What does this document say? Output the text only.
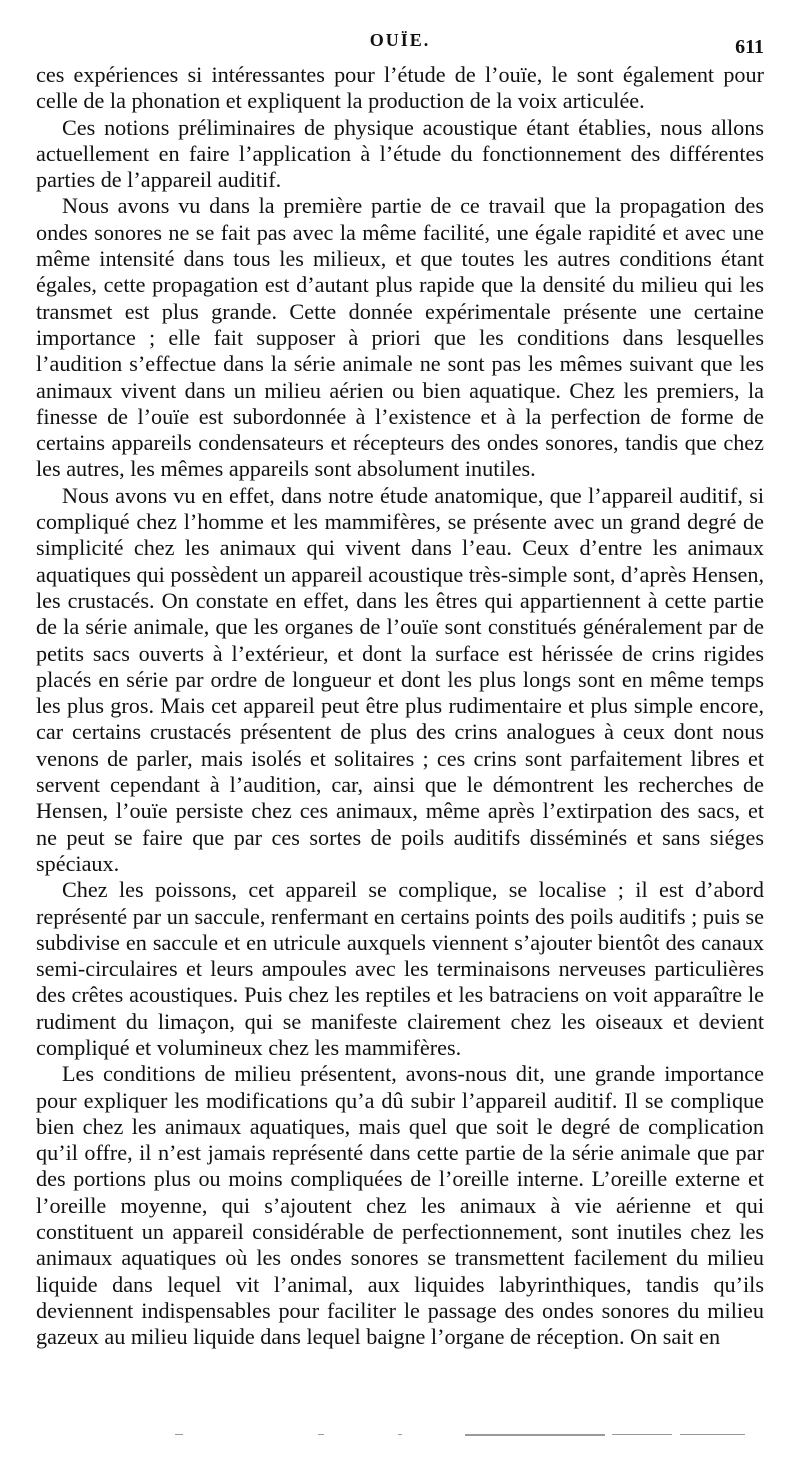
OUÏE.	611

ces expériences si intéressantes pour l’étude de l’ouïe, le sont également pour celle de la phonation et expliquent la production de la voix articulée.

Ces notions préliminaires de physique acoustique étant établies, nous allons actuellement en faire l’application à l’étude du fonctionnement des différentes parties de l’appareil auditif.

Nous avons vu dans la première partie de ce travail que la propagation des ondes sonores ne se fait pas avec la même facilité, une égale rapidité et avec une même intensité dans tous les milieux, et que toutes les autres conditions étant égales, cette propagation est d’autant plus rapide que la densité du milieu qui les transmet est plus grande. Cette donnée expérimentale présente une certaine importance ; elle fait supposer à priori que les conditions dans lesquelles l’audition s’effectue dans la série animale ne sont pas les mêmes suivant que les animaux vivent dans un milieu aérien ou bien aquatique. Chez les premiers, la finesse de l’ouïe est subordonnée à l’existence et à la perfection de forme de certains appareils condensateurs et récepteurs des ondes sonores, tandis que chez les autres, les mêmes appareils sont absolument inutiles.

Nous avons vu en effet, dans notre étude anatomique, que l’appareil auditif, si compliqué chez l’homme et les mammifères, se présente avec un grand degré de simplicité chez les animaux qui vivent dans l’eau. Ceux d’entre les animaux aquatiques qui possèdent un appareil acoustique très-simple sont, d’après Hensen, les crustacés. On constate en effet, dans les êtres qui appartiennent à cette partie de la série animale, que les organes de l’ouïe sont constitués généralement par de petits sacs ouverts à l’extérieur, et dont la surface est hérissée de crins rigides placés en série par ordre de longueur et dont les plus longs sont en même temps les plus gros. Mais cet appareil peut être plus rudimentaire et plus simple encore, car certains crustacés présentent de plus des crins analogues à ceux dont nous venons de parler, mais isolés et solitaires ; ces crins sont parfaitement libres et servent cependant à l’audition, car, ainsi que le démontrent les recherches de Hensen, l’ouïe persiste chez ces animaux, même après l’extirpation des sacs, et ne peut se faire que par ces sortes de poils auditifs disséminés et sans siéges spéciaux.

Chez les poissons, cet appareil se complique, se localise ; il est d’abord représenté par un saccule, renfermant en certains points des poils auditifs ; puis se subdivise en saccule et en utricule auxquels viennent s’ajouter bientôt des canaux semi-circulaires et leurs ampoules avec les terminaisons nerveuses particulières des crêtes acoustiques. Puis chez les reptiles et les batraciens on voit apparaître le rudiment du limaçon, qui se manifeste clairement chez les oiseaux et devient compliqué et volumineux chez les mammifères.

Les conditions de milieu présentent, avons-nous dit, une grande importance pour expliquer les modifications qu’a dû subir l’appareil auditif. Il se complique bien chez les animaux aquatiques, mais quel que soit le degré de complication qu’il offre, il n’est jamais représenté dans cette partie de la série animale que par des portions plus ou moins compliquées de l’oreille interne. L’oreille externe et l’oreille moyenne, qui s’ajoutent chez les animaux à vie aérienne et qui constituent un appareil considérable de perfectionnement, sont inutiles chez les animaux aquatiques où les ondes sonores se transmettent facilement du milieu liquide dans lequel vit l’animal, aux liquides labyrinthiques, tandis qu’ils deviennent indispensables pour faciliter le passage des ondes sonores du milieu gazeux au milieu liquide dans lequel baigne l’organe de réception. On sait en
